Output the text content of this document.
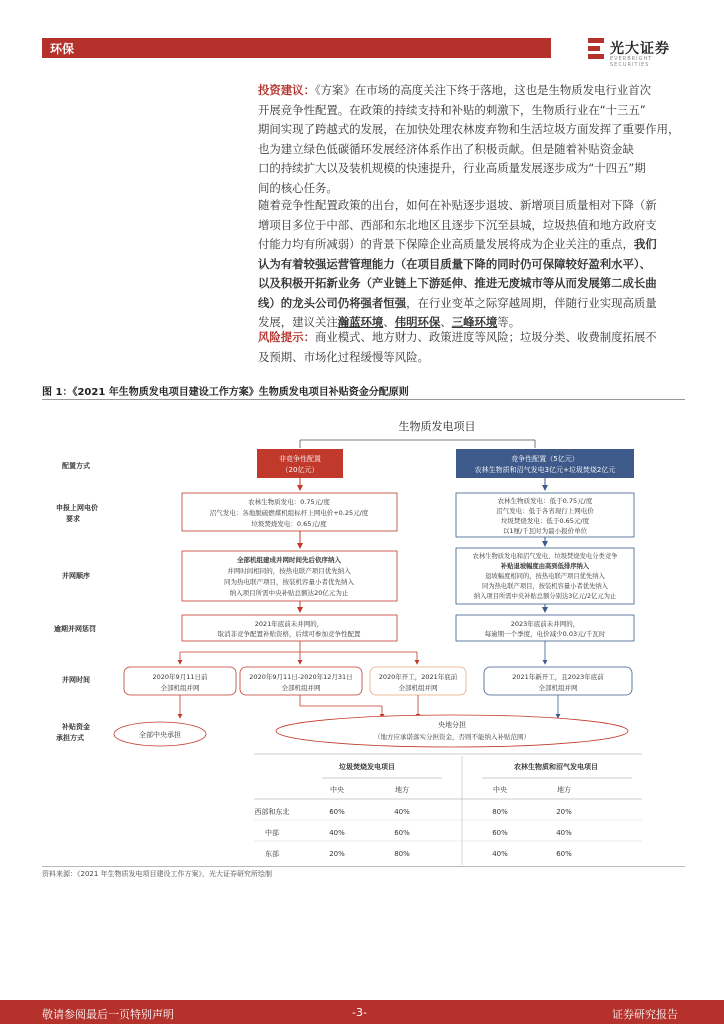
环保	光大证券
EVERBRIGHT SECURITIES
投资建议：《方案》在市场的高度关注下终于落地，这也是生物质发电行业首次
开展竞争性配置。在政策的持续支持和补贴的刺激下，生物质行业在“十三五”
期间实现了跨越式的发展，在加快处理农林废弃物和生活垃圾方面发挥了重要作用，
也为建立绿色低碳循环发展经济体系作出了积极贡献。但是随着补贴资金缺
口的持续扩大以及装机规模的快速提升，行业高质量发展逐步成为“十四五”期
间的核心任务。
随着竞争性配置政策的出台，如何在补贴逐步退坡、新增项目质量相对下降（新
增项目多位于中部、西部和东北地区且逐步下沉至县城，垃圾热值和地方政府支
付能力均有所减弱）的背景下保障企业高质量发展将成为企业关注的重点，我们
认为有着较强运营管理能力（在项目质量下降的同时仍可保障较好盈利水平）、
以及积极开拓新业务（产业链上下游延伸、推进无废城市等从而发展第二成长曲
线）的龙头公司仍将强者恒强，在行业变革之际穿越周期，伴随行业实现高质量
发展，建议关注瀚蓝环境、伟明环保、三峰环境等。
风险提示：商业模式、地方财力、政策进度等风险；垃圾分类、收费制度拓展不
及预期、市场化过程缓慢等风险。
图 1：《2021 年生物质发电项目建设工作方案》生物质发电项目补贴资金分配原则
生物质发电项目
配置方式
申报上网电价
要求
并网顺序
逾期并网惩罚
并网时间
补贴资金
承担方式
非竞争性配置
（20亿元）
竞争性配置（5亿元）
农林生物质和沼气发电3亿元+垃圾焚烧2亿元
农林生物质发电：0.75元/度
沼气发电：各地脱硫燃煤机组标杆上网电价+0.25元/度
垃圾焚烧发电：0.65元/度
农林生物质发电：低于0.75元/度
沼气发电：低于各省现行上网电价
垃圾焚烧发电：低于0.65元/度
以1厘/千瓦时为最小报价单位
全部机组建成并网时间先后依序纳入
并网时间相同的，按热电联产项目优先纳入
同为热电联产项目，按装机容量小者优先纳入
纳入项目所需中央补贴总额达20亿元为止
农林生物质发电和沼气发电、垃圾焚烧发电分类竞争
补贴退坡幅度由高到低排序纳入
退坡幅度相同的，按热电联产项目优先纳入
同为热电联产项目，按装机容量小者优先纳入
纳入项目所需中央补贴总额分别达3亿元/2亿元为止
2021年底前未并网的，
取消非竞争配置补贴资格，后续可参加竞争性配置
2023年底前未并网的，
每逾期一个季度，电价减少0.03元/千瓦时
2020年9月11日前
全部机组并网
2020年9月11日-2020年12月31日
全部机组并网
2020年开工，2021年底前
全部机组并网
2021年新开工，且2023年底前
全部机组并网
全部中央承担
央地分担
（地方应承诺落实分担资金，否则不能纳入补贴范围）
垃圾焚烧发电项目	农林生物质和沼气发电项目
中央	地方	中央	地方
西部和东北	60%	40%	80%	20%
中部	40%	60%	60%	40%
东部	20%	80%	40%	60%
资料来源：《2021 年生物质发电项目建设工作方案》，光大证券研究所绘制
敬请参阅最后一页特别声明	-3-	证券研究报告
